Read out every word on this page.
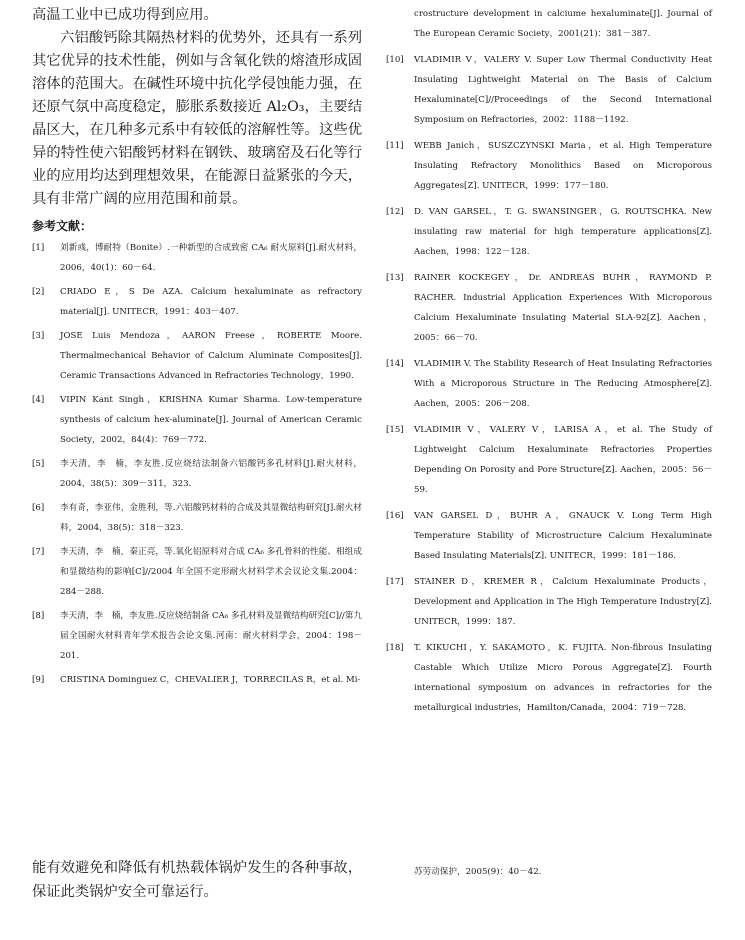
高温工业中已成功得到应用。

六铝酸钙除其隔热材料的优势外，还具有一系列其它优异的技术性能，例如与含氧化铁的熔渣形成固溶体的范围大。在碱性环境中抗化学侵蚀能力强，在还原气氛中高度稳定，膨胀系数接近 Al₂O₃，主要结晶区大，在几种多元系中有较低的溶解性等。这些优异的特性使六铝酸钙材料在钢铁、玻璃窑及石化等行业的应用均达到理想效果，在能源日益紧张的今天，具有非常广阔的应用范围和前景。

参考文献：
[1]	刘新彧，博耐特（Bonite）.一种新型的合成致密 CA₆ 耐火原料[J].耐火材料，2006，40(1)：60－64.
[2]	CRIADO E，S De AZA. Calcium hexaluminate as refractory material[J]. UNITECR，1991：403－407.
[3]	JOSE Luis Mendoza，AARON Freese，ROBERTE Moore. Thermalmechanical Behavior of Calcium Aluminate Composites[J]. Ceramic Transactions Advanced in Refractories Technology，1990.
[4]	VIPIN Kant Singh，KRISHNA Kumar Sharma. Low-temperature synthesis of calcium hex-aluminate[J]. Journal of American Ceramic Society，2002，84(4)：769－772.
[5]	李天清，李　楠，李友胜.反应烧结法制备六铝酸钙多孔材料[J].耐火材料，2004，38(5)：309－311，323.
[6]	李有奇，李亚伟，金胜利，等.六铝酸钙材料的合成及其显微结构研究[J].耐火材料，2004，38(5)：318－323.
[7]	李天清，李　楠，秦正亮，等.氧化铝原料对合成 CA₆ 多孔骨料的性能、相组成和显微结构的影响[C]//2004 年全国不定形耐火材料学术会议论文集.2004：284－288.
[8]	李天清，李　楠，李友胜.反应烧结制备 CA₆ 多孔材料及显微结构研究[C]//第九届全国耐火材料青年学术报告会论文集.河南：耐火材料学会，2004：198－201.
[9]	CRISTINA Dominguez C，CHEVALIER J，TORRECILAS R，et al. Mi-
crostructure development in calciume hexaluminate[J]. Journal of The European Ceramic Society，2001(21)：381－387.
[10]	VLADIMIR V，VALERY V. Super Low Thermal Conductivity Heat Insulating Lightweight Material on The Basis of Calcium Hexaluminate[C]//Proceedings of the Second International Symposium on Refractories，2002：1188－1192.
[11]	WEBB Janich，SUSZCZYNSKI Maria，et al. High Temperature Insulating Refractory Monolithics Based on Microporous Aggregates[Z]. UNITECR，1999：177－180.
[12]	D. VAN GARSEL，T. G. SWANSINGER，G. ROUTSCHKA. New insulating raw material for high temperature applications[Z]. Aachen，1998：122－128.
[13]	RAINER KOCKEGEY，Dr. ANDREAS BUHR，RAYMOND P. RACHER. Industrial Application Experiences With Microporous Calcium Hexaluminate Insulating Material SLA-92[Z]. Aachen，2005：66－70.
[14]	VLADIMIR V. The Stability Research of Heat Insulating Refractories With a Microporous Structure in The Reducing Atmosphere[Z]. Aachen，2005：206－208.
[15]	VLADIMIR V，VALERY V，LARISA A，et al. The Study of Lightweight Calcium Hexaluminate Refractories Properties Depending On Porosity and Pore Structure[Z]. Aachen，2005：56－59.
[16]	VAN GARSEL D，BUHR A，GNAUCK V. Long Term High Temperature Stability of Microstructure Calcium Hexaluminate Based Insulating Materials[Z]. UNITECR，1999：181－186.
[17]	STAINER D，KREMER R，Calcium Hexaluminate Products，Development and Application in The High Temperature Industry[Z]. UNITECR，1999：187.
[18]	T. KIKUCHI，Y. SAKAMOTO，K. FUJITA. Non-fibrous Insulating Castable Which Utilize Micro Porous Aggregate[Z]. Fourth international symposium on advances in refractories for the metallurgical industries，Hamilton/Canada，2004：719－728.

能有效避免和降低有机热载体锅炉发生的各种事故，保证此类锅炉安全可靠运行。

苏劳动保护，2005(9)：40－42.
